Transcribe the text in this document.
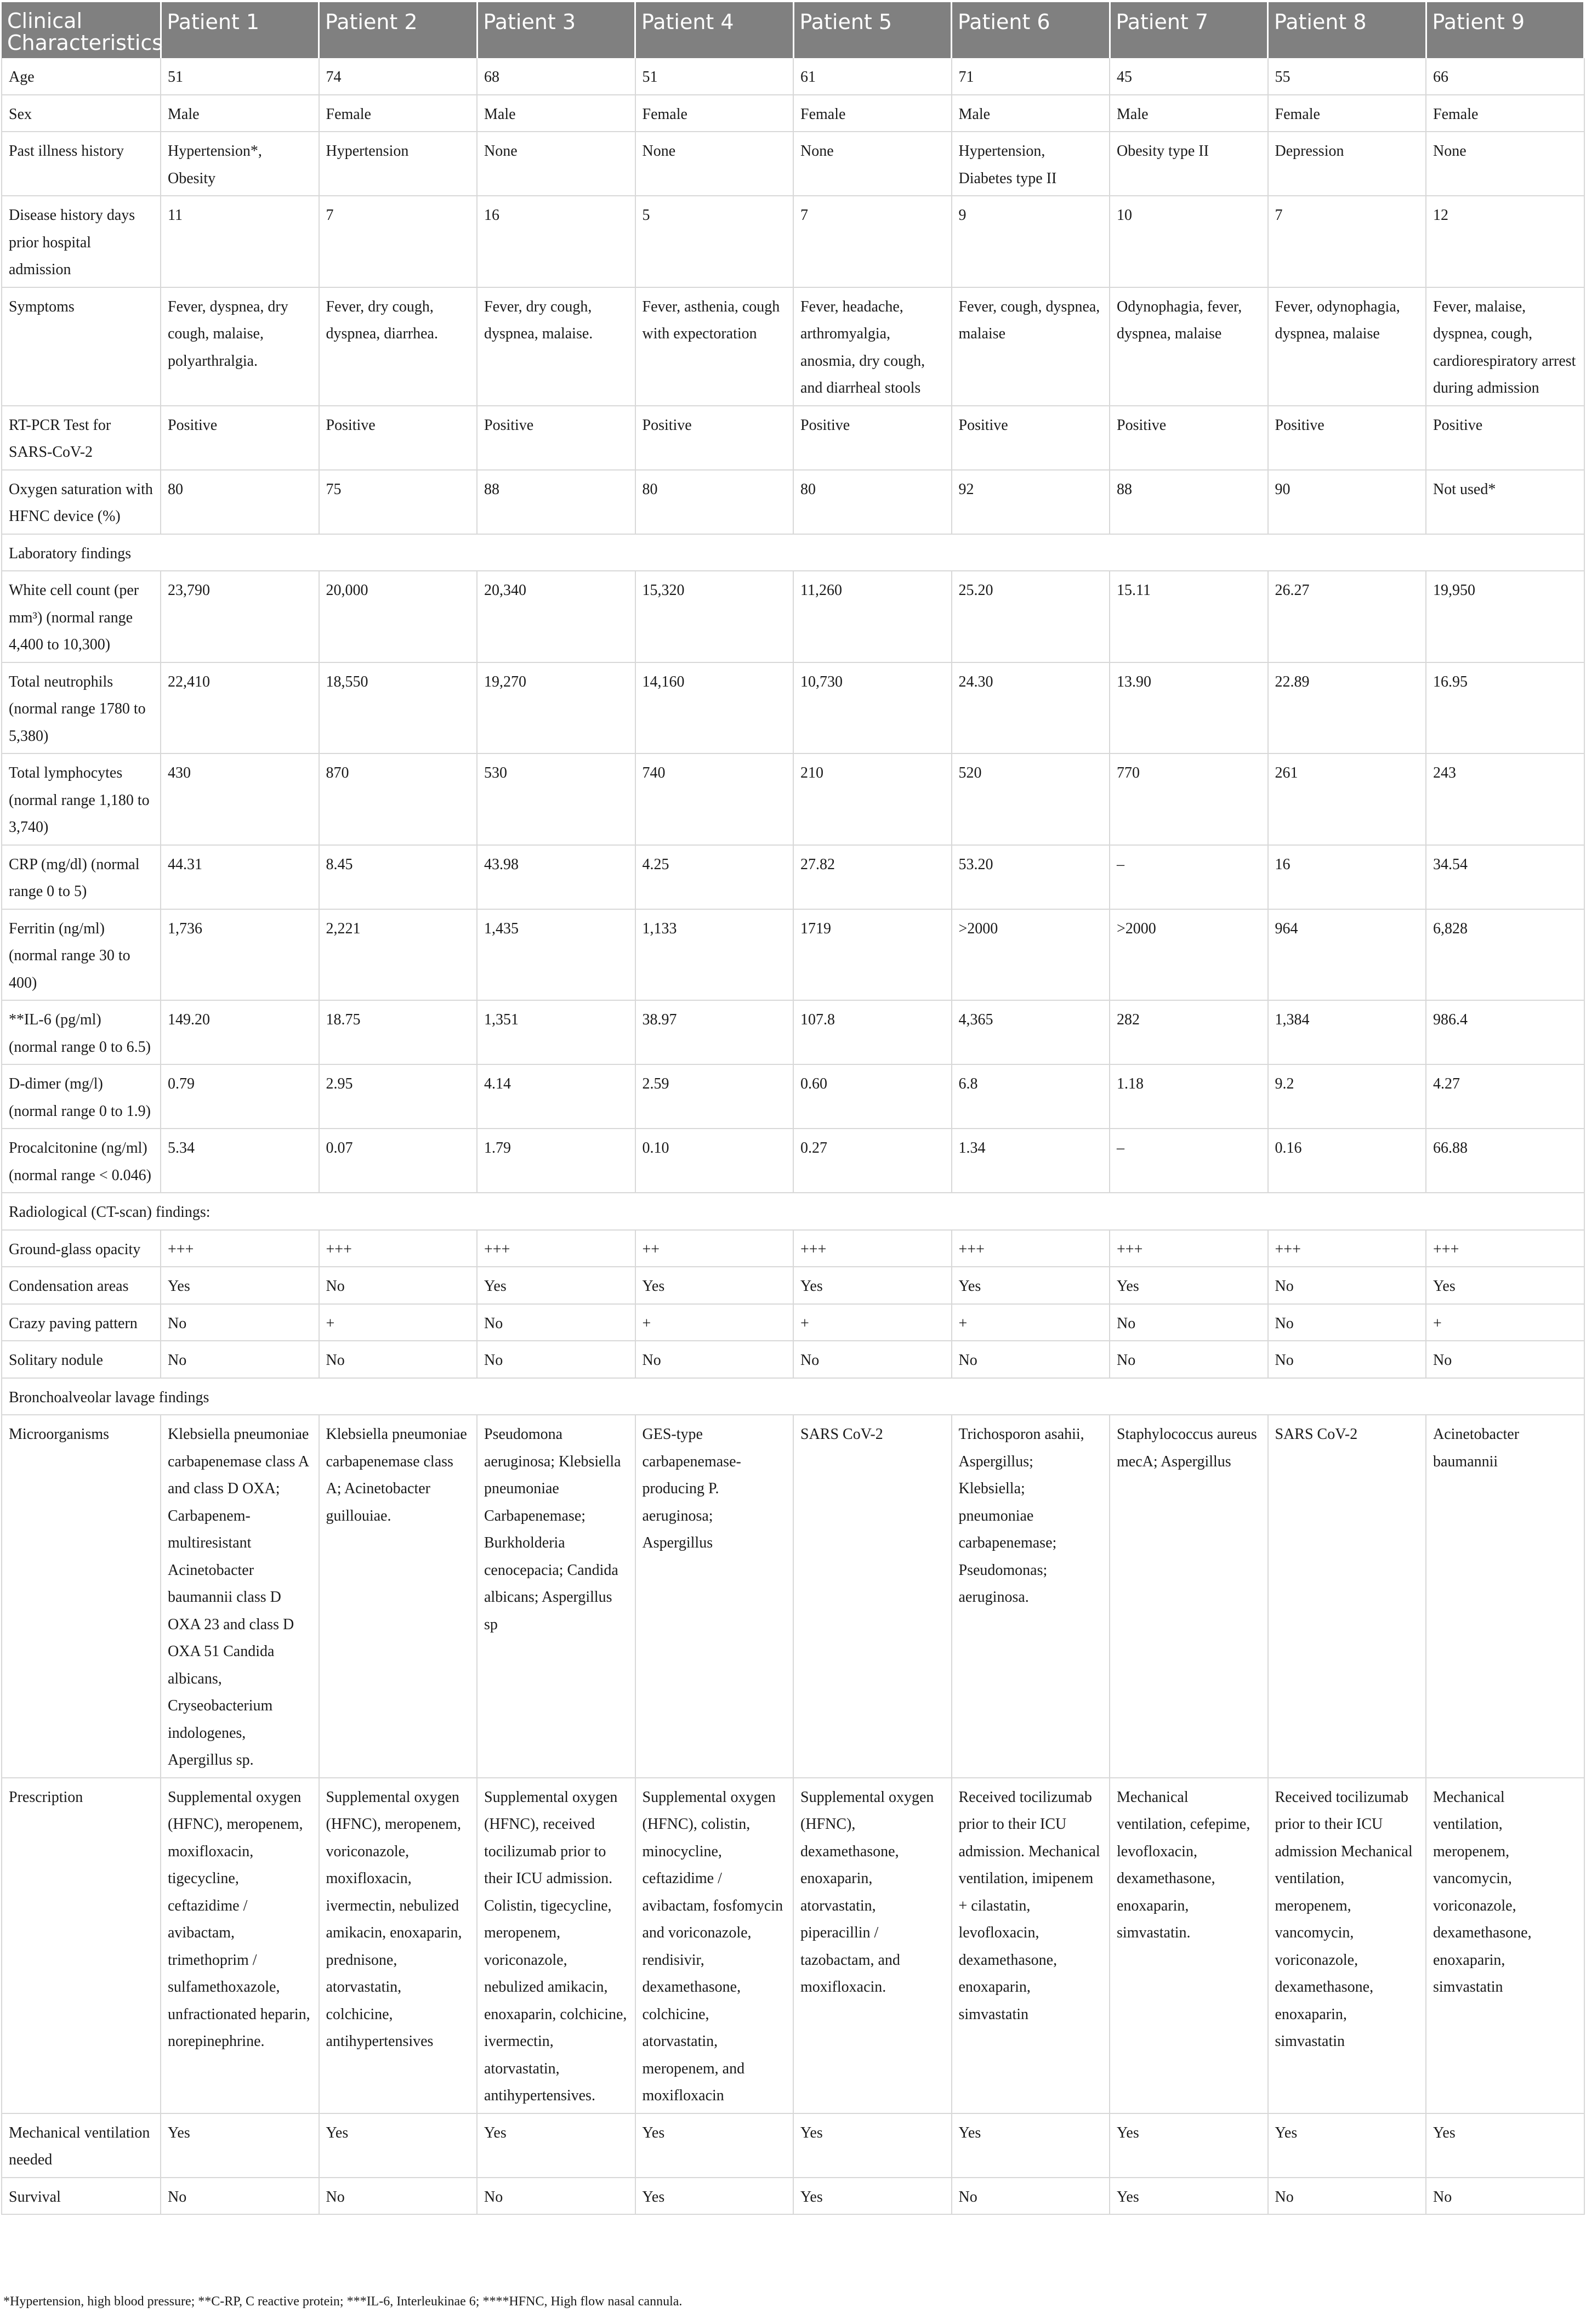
Clinical Characteristics	Patient 1	Patient 2	Patient 3	Patient 4	Patient 5	Patient 6	Patient 7	Patient 8	Patient 9
Age	51	74	68	51	61	71	45	55	66
Sex	Male	Female	Male	Female	Female	Male	Male	Female	Female
Past illness history	Hypertension*, Obesity	Hypertension	None	None	None	Hypertension, Diabetes type II	Obesity type II	Depression	None
Disease history days prior hospital admission	11	7	16	5	7	9	10	7	12
Symptoms	Fever, dyspnea, dry cough, malaise, polyarthralgia.	Fever, dry cough, dyspnea, diarrhea.	Fever, dry cough, dyspnea, malaise.	Fever, asthenia, cough with expectoration	Fever, headache, arthromyalgia, anosmia, dry cough, and diarrheal stools	Fever, cough, dyspnea, malaise	Odynophagia, fever, dyspnea, malaise	Fever, odynophagia, dyspnea, malaise	Fever, malaise, dyspnea, cough, cardiorespiratory arrest during admission
RT-PCR Test for SARS-CoV-2	Positive	Positive	Positive	Positive	Positive	Positive	Positive	Positive	Positive
Oxygen saturation with HFNC device (%)	80	75	88	80	80	92	88	90	Not used*
Laboratory findings									
White cell count (per mm³) (normal range 4,400 to 10,300)	23,790	20,000	20,340	15,320	11,260	25.20	15.11	26.27	19,950
Total neutrophils (normal range 1780 to 5,380)	22,410	18,550	19,270	14,160	10,730	24.30	13.90	22.89	16.95
Total lymphocytes (normal range 1,180 to 3,740)	430	870	530	740	210	520	770	261	243
CRP (mg/dl) (normal range 0 to 5)	44.31	8.45	43.98	4.25	27.82	53.20	–	16	34.54
Ferritin (ng/ml) (normal range 30 to 400)	1,736	2,221	1,435	1,133	1719	>2000	>2000	964	6,828
**IL-6 (pg/ml) (normal range 0 to 6.5)	149.20	18.75	1,351	38.97	107.8	4,365	282	1,384	986.4
D-dimer (mg/l) (normal range 0 to 1.9)	0.79	2.95	4.14	2.59	0.60	6.8	1.18	9.2	4.27
Procalcitonine (ng/ml) (normal range < 0.046)	5.34	0.07	1.79	0.10	0.27	1.34	–	0.16	66.88
Radiological (CT-scan) findings:									
Ground-glass opacity	+++	+++	+++	++	+++	+++	+++	+++	+++
Condensation areas	Yes	No	Yes	Yes	Yes	Yes	Yes	No	Yes
Crazy paving pattern	No	+	No	+	+	+	No	No	+
Solitary nodule	No	No	No	No	No	No	No	No	No
Bronchoalveolar lavage findings									
Microorganisms	Klebsiella pneumoniae carbapenemase class A and class D OXA; Carbapenem-multiresistant Acinetobacter baumannii class D OXA 23 and class D OXA 51 Candida albicans, Cryseobacterium indologenes, Apergillus sp.	Klebsiella pneumoniae carbapenemase class A; Acinetobacter guillouiae.	Pseudomona aeruginosa; Klebsiella pneumoniae Carbapenemase; Burkholderia cenocepacia; Candida albicans; Aspergillus sp	GES-type carbapenemase-producing P. aeruginosa; Aspergillus	SARS CoV-2	Trichosporon asahii, Aspergillus; Klebsiella; pneumoniae carbapenemase; Pseudomonas; aeruginosa.	Staphylococcus aureus mecA; Aspergillus	SARS CoV-2	Acinetobacter baumannii
Prescription	Supplemental oxygen (HFNC), meropenem, moxifloxacin, tigecycline, ceftazidime / avibactam, trimethoprim / sulfamethoxazole, unfractionated heparin, norepinephrine.	Supplemental oxygen (HFNC), meropenem, voriconazole, moxifloxacin, ivermectin, nebulized amikacin, enoxaparin, prednisone, atorvastatin, colchicine, antihypertensives	Supplemental oxygen (HFNC), received tocilizumab prior to their ICU admission. Colistin, tigecycline, meropenem, voriconazole, nebulized amikacin, enoxaparin, colchicine, ivermectin, atorvastatin, antihypertensives.	Supplemental oxygen (HFNC), colistin, minocycline, ceftazidime / avibactam, fosfomycin and voriconazole, rendisivir, dexamethasone, colchicine, atorvastatin, meropenem, and moxifloxacin	Supplemental oxygen (HFNC), dexamethasone, enoxaparin, atorvastatin, piperacillin / tazobactam, and moxifloxacin.	Received tocilizumab prior to their ICU admission. Mechanical ventilation, imipenem + cilastatin, levofloxacin, dexamethasone, enoxaparin, simvastatin	Mechanical ventilation, cefepime, levofloxacin, dexamethasone, enoxaparin, simvastatin.	Received tocilizumab prior to their ICU admission Mechanical ventilation, meropenem, vancomycin, voriconazole, dexamethasone, enoxaparin, simvastatin	Mechanical ventilation, meropenem, vancomycin, voriconazole, dexamethasone, enoxaparin, simvastatin
Mechanical ventilation needed	Yes	Yes	Yes	Yes	Yes	Yes	Yes	Yes	Yes
Survival	No	No	No	Yes	Yes	No	Yes	No	No
*Hypertension, high blood pressure; **C-RP, C reactive protein; ***IL-6, Interleukinae 6; ****HFNC, High flow nasal cannula.
